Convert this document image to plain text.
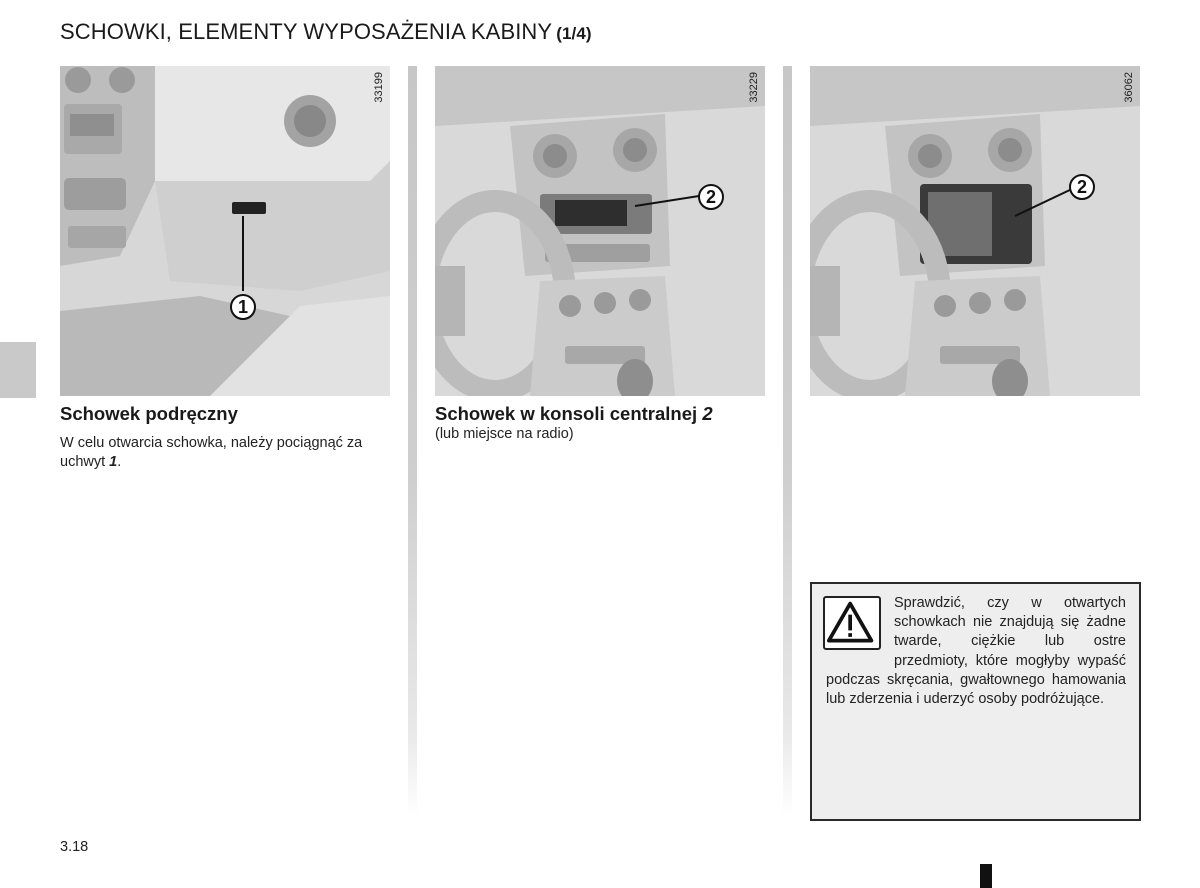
SCHOWKI, ELEMENTY WYPOSAŻENIA KABINY (1/4)
33199
1
33229
2
36062
2
Schowek podręczny

W celu otwarcia schowka, należy pociągnąć za uchwyt 1.

Schowek w konsoli centralnej 2

(lub miejsce na radio)

Sprawdzić, czy w otwartych schowkach nie znajdują się żadne twarde, ciężkie lub ostre przedmioty, które mogłyby wypaść podczas skręcania, gwałtownego hamowania lub zderzenia i uderzyć osoby podróżujące.

3.18
